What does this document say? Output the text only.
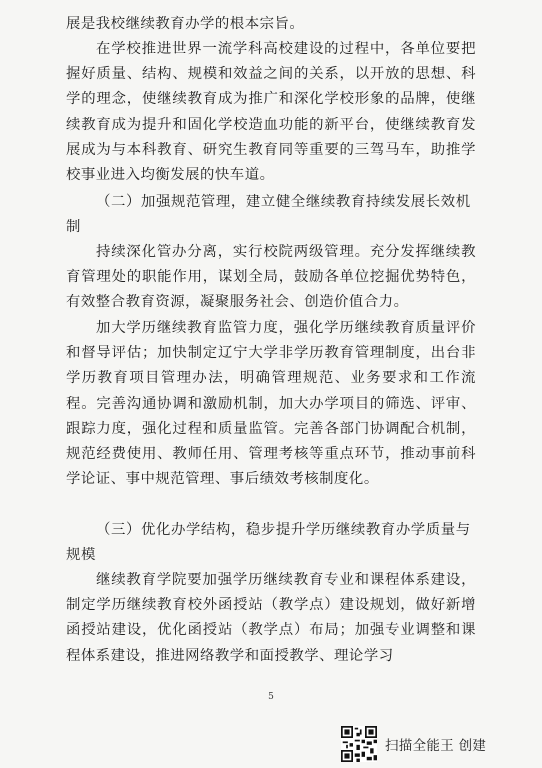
展是我校继续教育办学的根本宗旨。

在学校推进世界一流学科高校建设的过程中，各单位要把握好质量、结构、规模和效益之间的关系，以开放的思想、科学的理念，使继续教育成为推广和深化学校形象的品牌，使继续教育成为提升和固化学校造血功能的新平台，使继续教育发展成为与本科教育、研究生教育同等重要的三驾马车，助推学校事业进入均衡发展的快车道。

（二）加强规范管理，建立健全继续教育持续发展长效机制

持续深化管办分离，实行校院两级管理。充分发挥继续教育管理处的职能作用，谋划全局，鼓励各单位挖掘优势特色，有效整合教育资源，凝聚服务社会、创造价值合力。

加大学历继续教育监管力度，强化学历继续教育质量评价和督导评估；加快制定辽宁大学非学历教育管理制度，出台非学历教育项目管理办法，明确管理规范、业务要求和工作流程。完善沟通协调和激励机制，加大办学项目的筛选、评审、跟踪力度，强化过程和质量监管。完善各部门协调配合机制，规范经费使用、教师任用、管理考核等重点环节，推动事前科学论证、事中规范管理、事后绩效考核制度化。

（三）优化办学结构，稳步提升学历继续教育办学质量与规模

继续教育学院要加强学历继续教育专业和课程体系建设，制定学历继续教育校外函授站（教学点）建设规划，做好新增函授站建设，优化函授站（教学点）布局；加强专业调整和课程体系建设，推进网络教学和面授教学、理论学习

5
扫描全能王 创建
